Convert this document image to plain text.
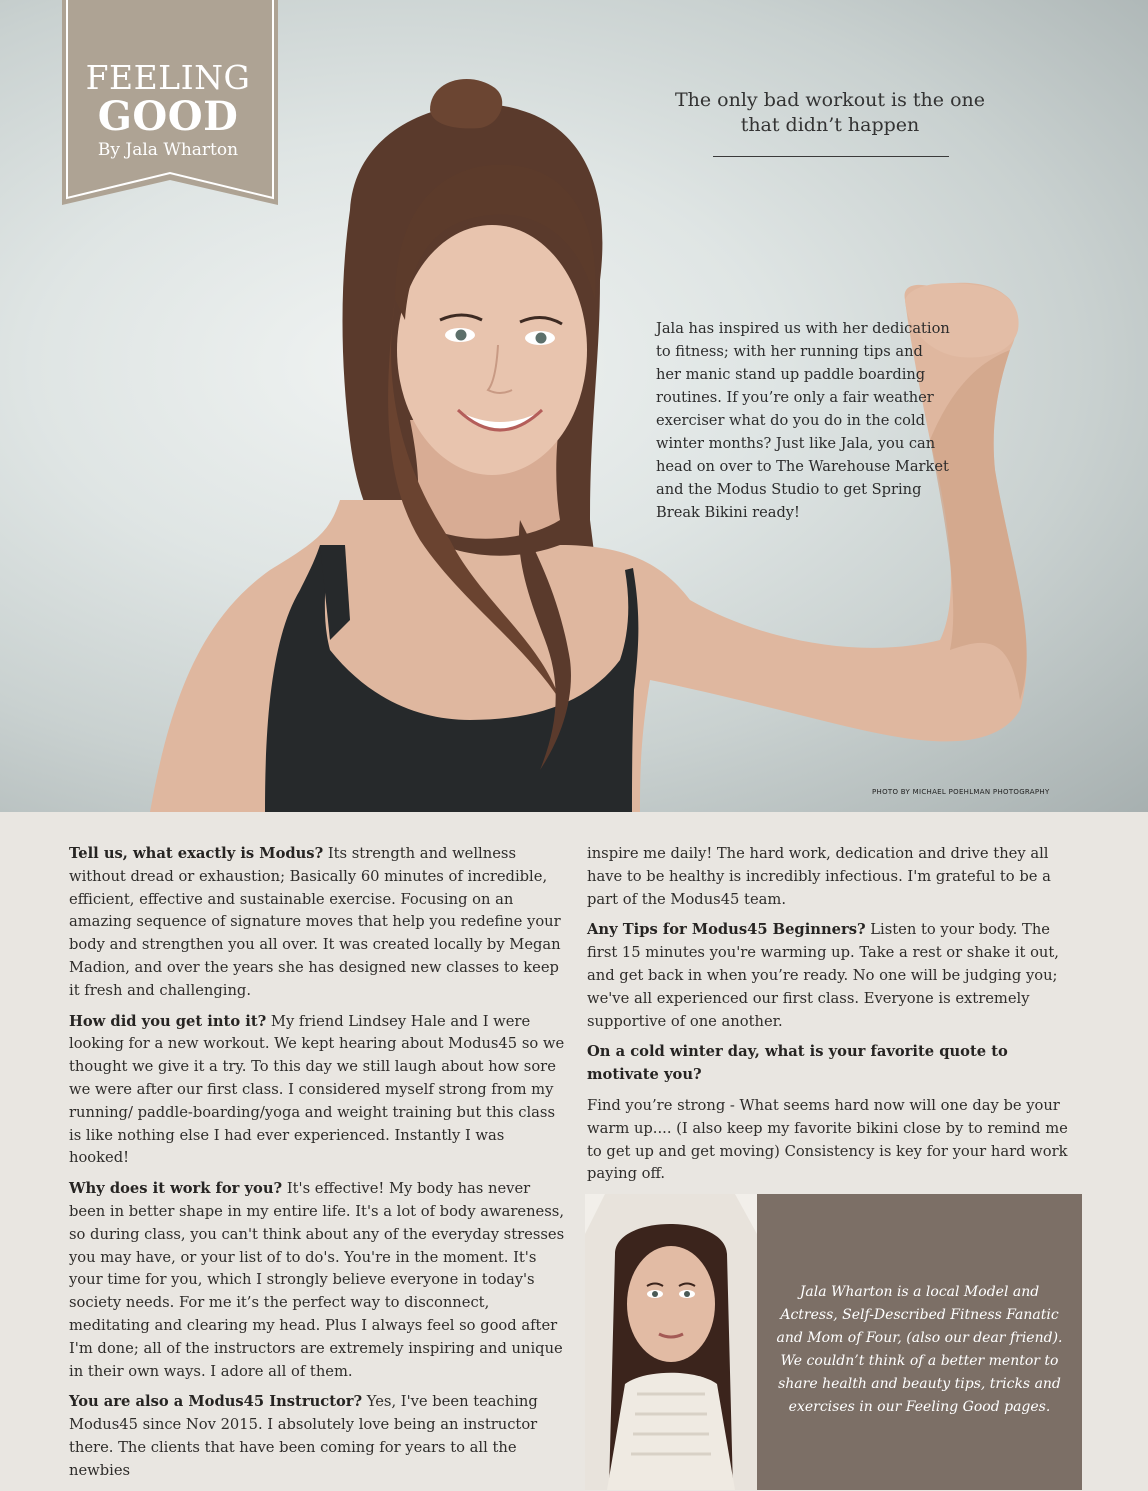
FEELING
GOOD
By Jala Wharton
The only bad workout is the one
that didn’t happen
Jala has inspired us with her dedication to fitness; with her running tips and her manic stand up paddle boarding routines. If you’re only a fair weather exerciser what do you do in the cold winter months? Just like Jala, you can head on over to The Warehouse Market and the Modus Studio to get Spring Break Bikini ready!
PHOTO BY MICHAEL POEHLMAN PHOTOGRAPHY

Tell us, what exactly is Modus? Its strength and wellness without dread or exhaustion; Basically 60 minutes of incredible, efficient, effective and sustainable exercise. Focusing on an amazing sequence of signature moves that help you redefine your body and strengthen you all over. It was created locally by Megan Madion, and over the years she has designed new classes to keep it fresh and challenging.

How did you get into it? My friend Lindsey Hale and I were looking for a new workout. We kept hearing about Modus45 so we thought we give it a try. To this day we still laugh about how sore we were after our first class. I considered myself strong from my running/ paddle-boarding/yoga and weight training but this class is like nothing else I had ever experienced. Instantly I was hooked!

Why does it work for you? It's effective! My body has never been in better shape in my entire life. It's a lot of body awareness, so during class, you can't think about any of the everyday stresses you may have, or your list of to do's. You're in the moment. It's your time for you, which I strongly believe everyone in today's society needs. For me it’s the perfect way to disconnect, meditating and clearing my head. Plus I always feel so good after I'm done; all of the instructors are extremely inspiring and unique in their own ways. I adore all of them.

You are also a Modus45 Instructor? Yes, I've been teaching Modus45 since Nov 2015. I absolutely love being an instructor there. The clients that have been coming for years to all the newbies

inspire me daily! The hard work, dedication and drive they all have to be healthy is incredibly infectious. I'm grateful to be a part of the Modus45 team.

Any Tips for Modus45 Beginners? Listen to your body. The first 15 minutes you're warming up. Take a rest or shake it out, and get back in when you’re ready. No one will be judging you; we've all experienced our first class. Everyone is extremely supportive of one another.

On a cold winter day, what is your favorite quote to motivate you?

Find you’re strong - What seems hard now will one day be your warm up.... (I also keep my favorite bikini close by to remind me to get up and get moving) Consistency is key for your hard work paying off.

Jala Wharton is a local Model and Actress, Self-Described Fitness Fanatic and Mom of Four, (also our dear friend). We couldn’t think of a better mentor to share health and beauty tips, tricks and exercises in our Feeling Good pages.
